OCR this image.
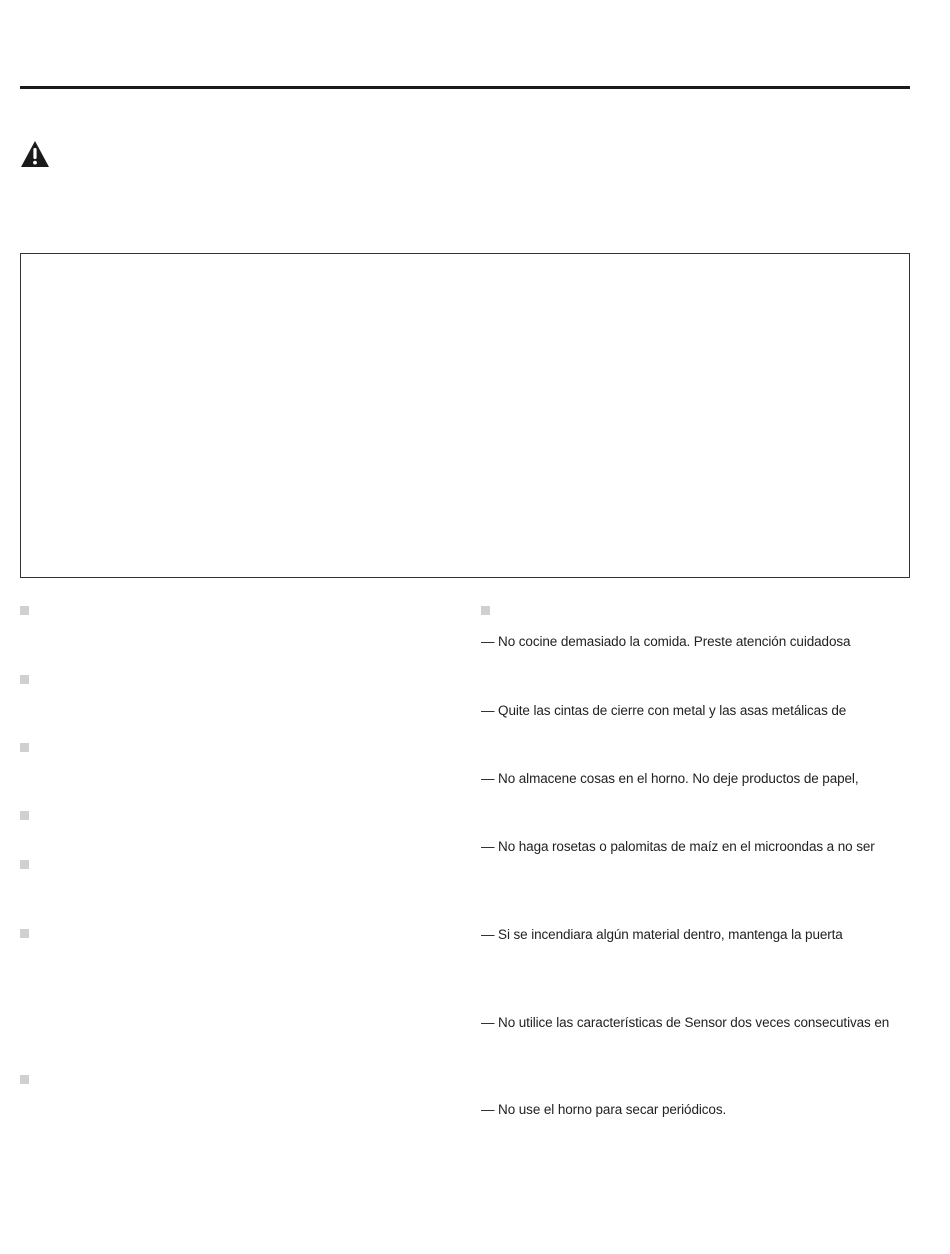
— No cocine demasiado la comida. Preste atención cuidadosa
— Quite las cintas de cierre con metal y las asas metálicas de
— No almacene cosas en el horno. No deje productos de papel,
— No haga rosetas o palomitas de maíz en el microondas a no ser
— Si se incendiara algún material dentro, mantenga la puerta
— No utilice las características de Sensor dos veces consecutivas en
— No use el horno para secar periódicos.
